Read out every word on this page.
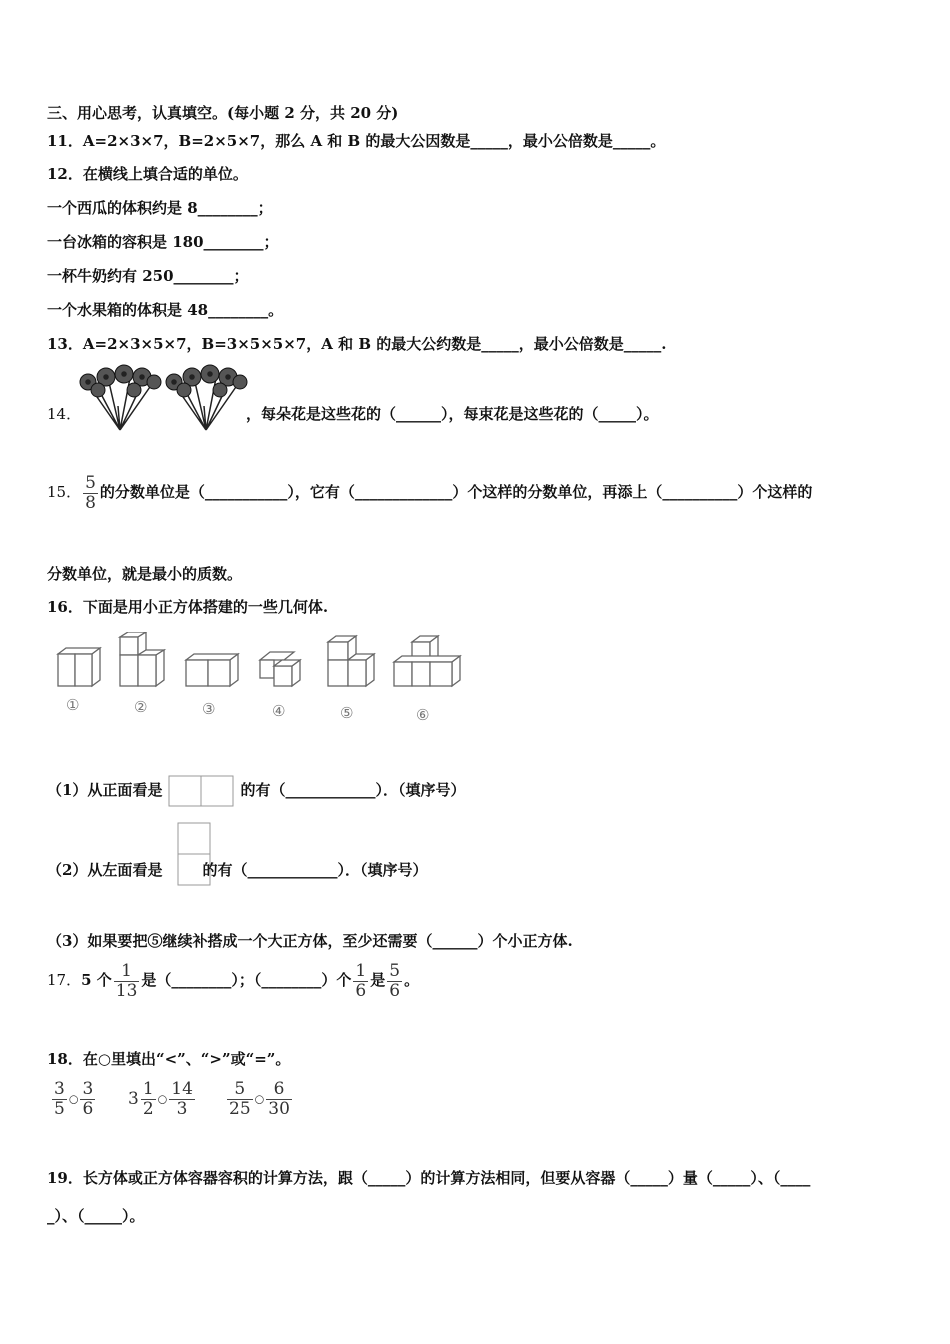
三、用心思考，认真填空。(每小题 2 分，共 20 分)
11．A=2×3×7，B=2×5×7，那么 A 和 B 的最大公因数是_____，最小公倍数是_____。
12．在横线上填合适的单位。
一个西瓜的体积约是 8________；
一台冰箱的容积是 180________；
一杯牛奶约有 250________；
一个水果箱的体积是 48________。
13．A=2×3×5×7，B=3×5×5×7，A 和 B 的最大公约数是_____，最小公倍数是_____.
14．	，每朵花是这些花的（______），每束花是这些花的（_____）。
15． $\frac{5}{8}$ 的分数单位是（___________），它有（_____________）个这样的分数单位，再添上（__________）个这样的
分数单位，就是最小的质数。
16．下面是用小正方体搭建的一些几何体.
①	②	③	④	⑤	⑥
（1）从正面看是	的有（____________）．（填序号）
（2）从左面看是	的有（____________）．（填序号）
（3）如果要把⑤继续补搭成一个大正方体，至少还需要（______）个小正方体.
17．5 个 $\frac{1}{13}$ 是（________）；（________）个 $\frac{1}{6}$ 是 $\frac{5}{6}$ 。
18．在○里填出“<”、“>”或“=”。
$\frac{3}{5}$ ○ $\frac{3}{6} 3 \frac{1}{2}$ ○ $\frac{14}{3} \frac{5}{25}$ ○ $\frac{6}{30}$
19．长方体或正方体容器容积的计算方法，跟（_____）的计算方法相同，但要从容器（_____）量（_____）、（____
_）、（_____）。
